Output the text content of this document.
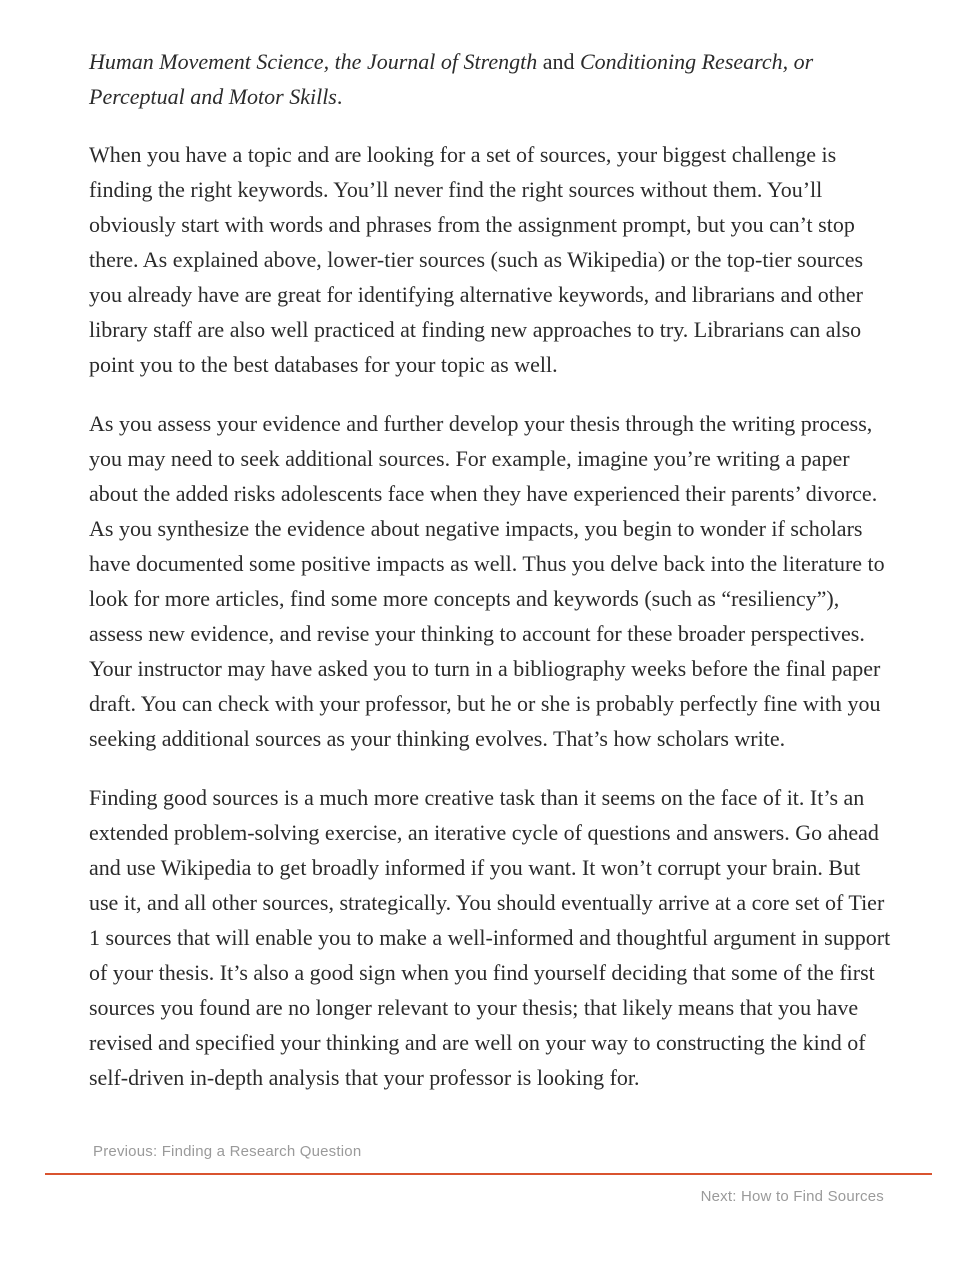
Human Movement Science, the Journal of Strength and Conditioning Research, or Perceptual and Motor Skills.

When you have a topic and are looking for a set of sources, your biggest challenge is finding the right keywords. You’ll never find the right sources without them. You’ll obviously start with words and phrases from the assignment prompt, but you can’t stop there. As explained above, lower-tier sources (such as Wikipedia) or the top-tier sources you already have are great for identifying alternative keywords, and librarians and other library staff are also well practiced at finding new approaches to try. Librarians can also point you to the best databases for your topic as well.

As you assess your evidence and further develop your thesis through the writing process, you may need to seek additional sources. For example, imagine you’re writing a paper about the added risks adolescents face when they have experienced their parents’ divorce. As you synthesize the evidence about negative impacts, you begin to wonder if scholars have documented some positive impacts as well. Thus you delve back into the literature to look for more articles, find some more concepts and keywords (such as “resiliency”), assess new evidence, and revise your thinking to account for these broader perspectives. Your instructor may have asked you to turn in a bibliography weeks before the final paper draft. You can check with your professor, but he or she is probably perfectly fine with you seeking additional sources as your thinking evolves. That’s how scholars write.

Finding good sources is a much more creative task than it seems on the face of it. It’s an extended problem-solving exercise, an iterative cycle of questions and answers. Go ahead and use Wikipedia to get broadly informed if you want. It won’t corrupt your brain. But use it, and all other sources, strategically. You should eventually arrive at a core set of Tier 1 sources that will enable you to make a well-informed and thoughtful argument in support of your thesis. It’s also a good sign when you find yourself deciding that some of the first sources you found are no longer relevant to your thesis; that likely means that you have revised and specified your thinking and are well on your way to constructing the kind of self-driven in-depth analysis that your professor is looking for.

Previous: Finding a Research Question
Next: How to Find Sources
